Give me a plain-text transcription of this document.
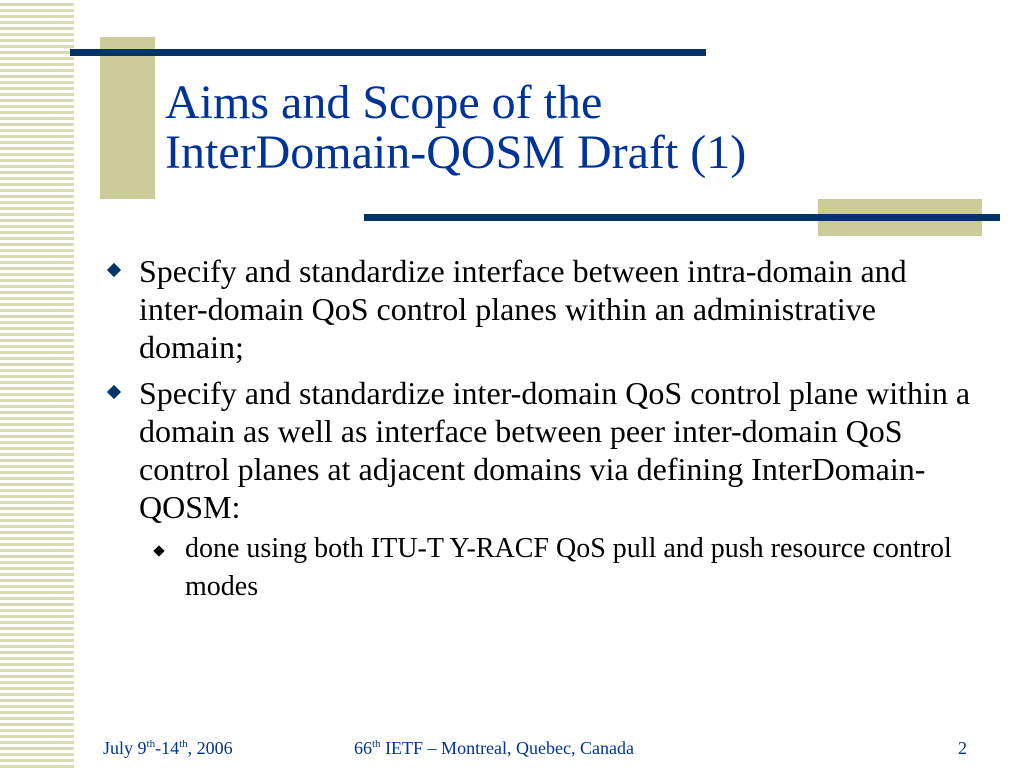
Aims and Scope of the
InterDomain-QOSM Draft (1)
Specify and standardize interface between intra-domain and inter-domain QoS control planes within an administrative domain;
Specify and standardize inter-domain QoS control plane within a domain as well as interface between peer inter-domain QoS control planes at adjacent domains via defining InterDomain-QOSM:
done using both ITU-T Y-RACF QoS pull and push resource control modes
July 9th-14th, 2006	66th IETF – Montreal, Quebec, Canada	2
